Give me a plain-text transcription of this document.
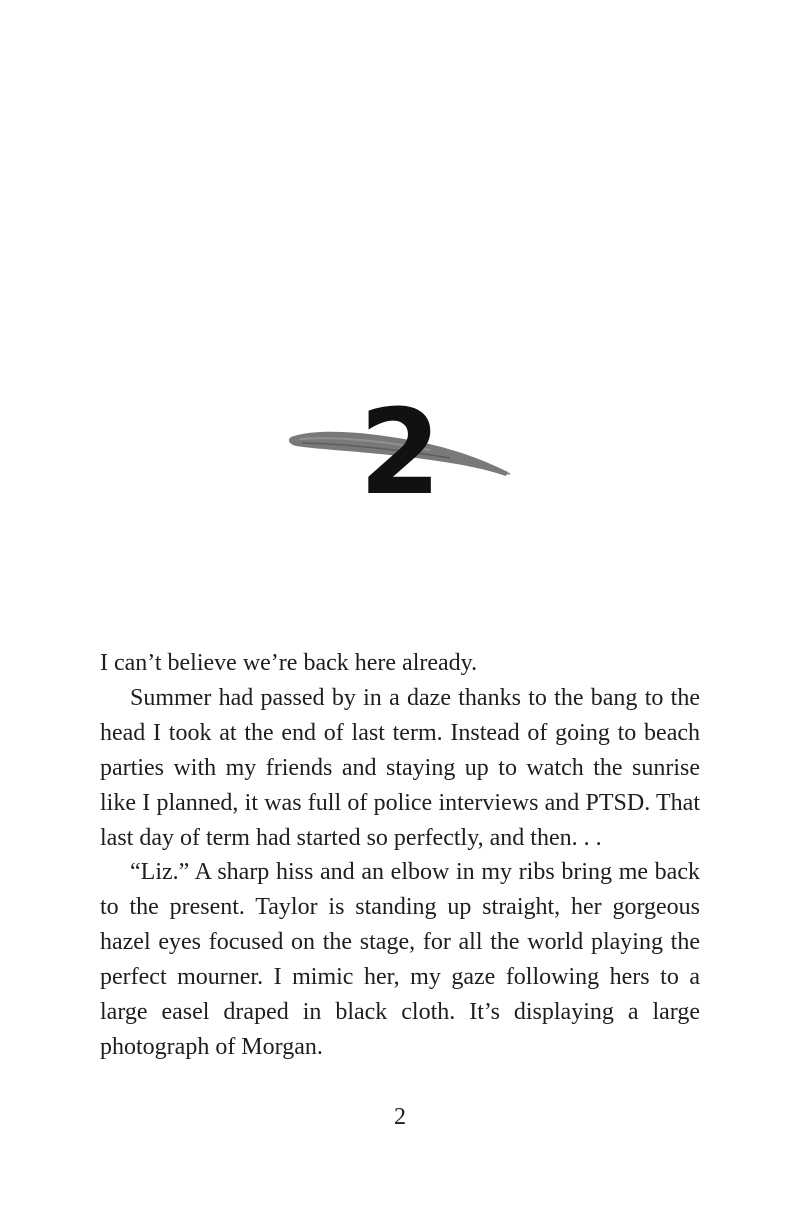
2

I can’t believe we’re back here already.

Summer had passed by in a daze thanks to the bang to the head I took at the end of last term. Instead of going to beach parties with my friends and staying up to watch the sunrise like I planned, it was full of police interviews and PTSD. That last day of term had started so perfectly, and then. . .

“Liz.” A sharp hiss and an elbow in my ribs bring me back to the present. Taylor is standing up straight, her gorgeous hazel eyes focused on the stage, for all the world playing the perfect mourner. I mimic her, my gaze following hers to a large easel draped in black cloth. It’s displaying a large photograph of Morgan.

2
